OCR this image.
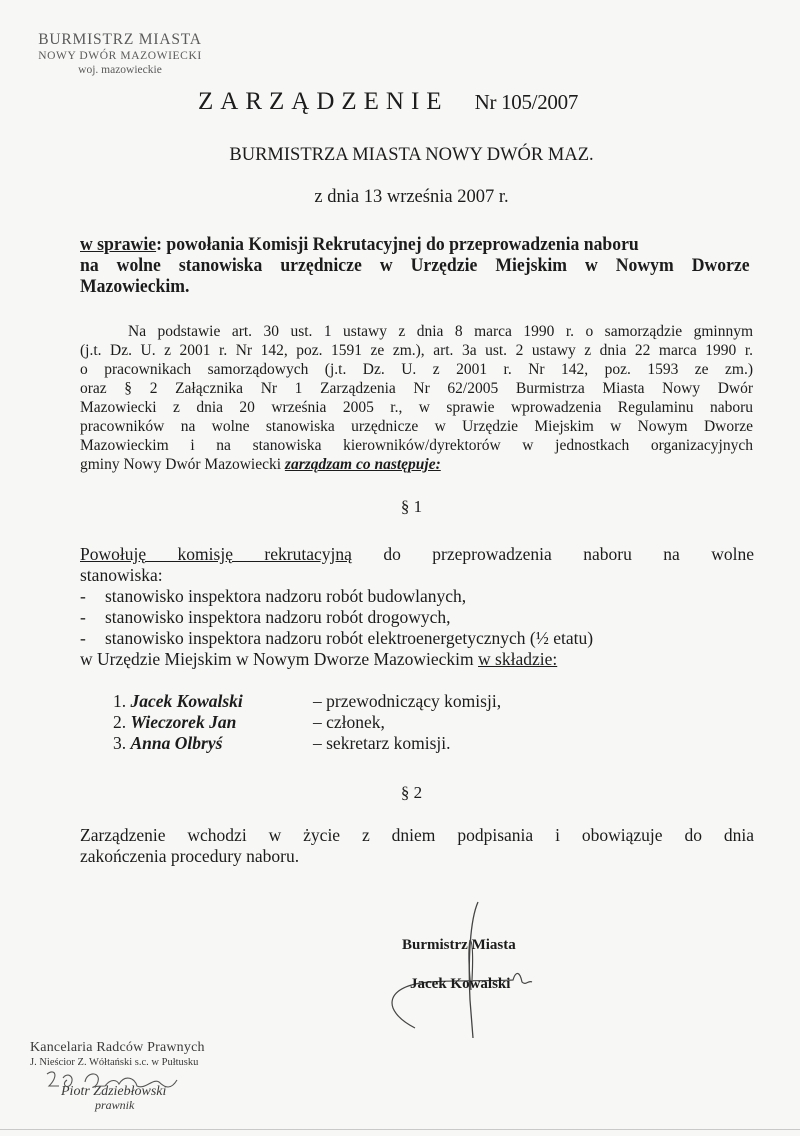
BURMISTRZ MIASTA
NOWY DWÓR MAZOWIECKI
woj. mazowieckie
ZARZĄDZENIE Nr 105/2007
BURMISTRZA MIASTA NOWY DWÓR MAZ.
z dnia 13 września 2007 r.
w sprawie: powołania Komisji Rekrutacyjnej do przeprowadzenia naboru
na wolne stanowiska urzędnicze w Urzędzie Miejskim w Nowym Dworze
Mazowieckim.
Na podstawie art. 30 ust. 1 ustawy z dnia 8 marca 1990 r. o samorządzie gminnym
(j.t. Dz. U. z 2001 r. Nr 142, poz. 1591 ze zm.), art. 3a ust. 2 ustawy z dnia 22 marca 1990 r.
o pracownikach samorządowych (j.t. Dz. U. z 2001 r. Nr 142, poz. 1593 ze zm.)
oraz § 2 Załącznika Nr 1 Zarządzenia Nr 62/2005 Burmistrza Miasta Nowy Dwór
Mazowiecki z dnia 20 września 2005 r., w sprawie wprowadzenia Regulaminu naboru
pracowników na wolne stanowiska urzędnicze w Urzędzie Miejskim w Nowym Dworze
Mazowieckim i na stanowiska kierowników/dyrektorów w jednostkach organizacyjnych
gminy Nowy Dwór Mazowiecki zarządzam co następuje:
§ 1
Powołuję komisję rekrutacyjną do przeprowadzenia naboru na wolne
stanowiska:
- stanowisko inspektora nadzoru robót budowlanych,
- stanowisko inspektora nadzoru robót drogowych,
- stanowisko inspektora nadzoru robót elektroenergetycznych (½ etatu)
w Urzędzie Miejskim w Nowym Dworze Mazowieckim w składzie:
1. Jacek Kowalski	– przewodniczący komisji,
2. Wieczorek Jan	– członek,
3. Anna Olbryś	– sekretarz komisji.
§ 2
Zarządzenie wchodzi w życie z dniem podpisania i obowiązuje do dnia
zakończenia procedury naboru.
Burmistrz Miasta
Jacek Kowalski
Kancelaria Radców Prawnych
J. Nieścior Z. Wółtański s.c. w Pułtusku
Piotr Zdziebłowski
prawnik
